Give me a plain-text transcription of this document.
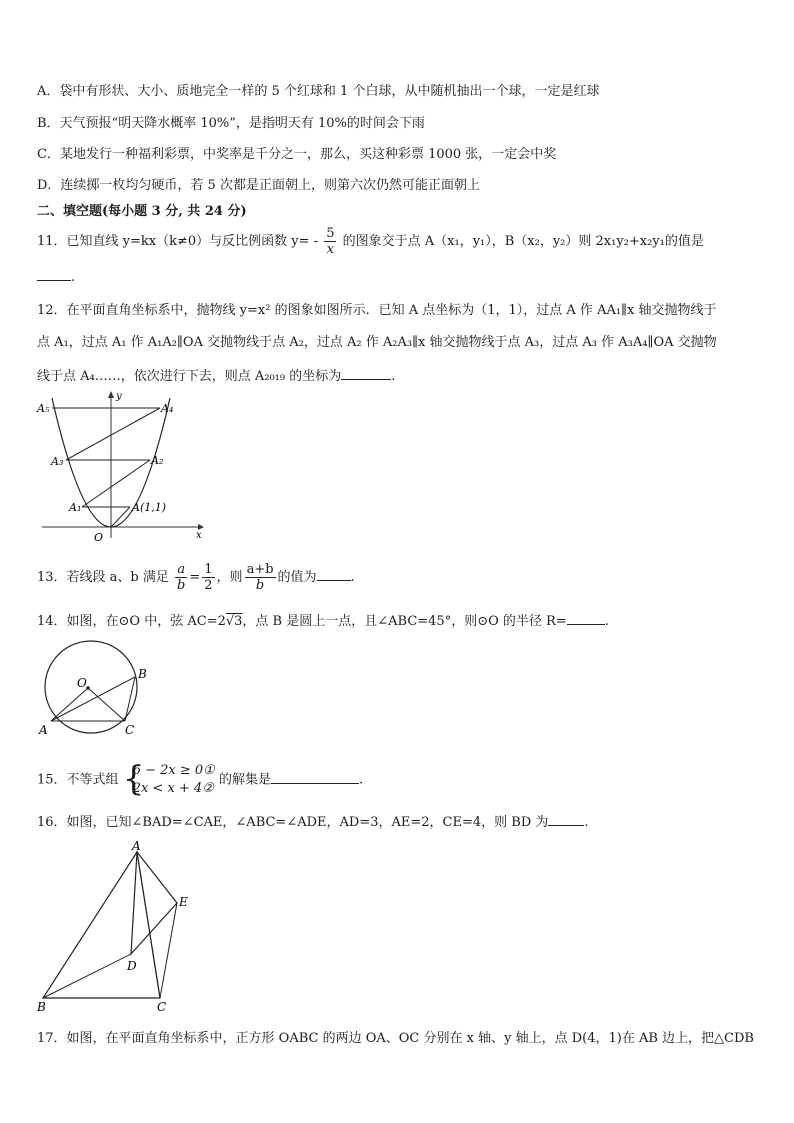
A．袋中有形状、大小、质地完全一样的 5 个红球和 1 个白球，从中随机抽出一个球，一定是红球
B．天气预报“明天降水概率 10%”，是指明天有 10%的时间会下雨
C．某地发行一种福利彩票，中奖率是千分之一，那么，买这种彩票 1000 张，一定会中奖
D．连续掷一枚均匀硬币，若 5 次都是正面朝上，则第六次仍然可能正面朝上
二、填空题(每小题 3 分, 共 24 分)
11．已知直线 y=kx（k≠0）与反比例函数 $y= - \frac{5}{x}$ 的图象交于点 A（x₁，y₁），B（x₂，y₂）则 2x₁y₂+x₂y₁的值是
.
12．在平面直角坐标系中，抛物线 y=x² 的图象如图所示．已知 A 点坐标为（1，1），过点 A 作 AA₁∥x 轴交抛物线于
点 A₁，过点 A₁ 作 A₁A₂∥OA 交抛物线于点 A₂，过点 A₂ 作 A₂A₃∥x 轴交抛物线于点 A₃，过点 A₃ 作 A₃A₄∥OA 交抛物
线于点 A₄……，依次进行下去，则点 A₂₀₁₉ 的坐标为	.
A₅	A₄
A₃	A₂
A₁	A(1,1)
O	x
y
13．若线段 a、b 满足 $\frac{a}{b} = \frac{1}{2}$ ，则 $\frac{a+b}{b}$ 的值为	.
14．如图，在⊙O 中，弦 AC=2√3，点 B 是圆上一点，且∠ABC=45°，则⊙O 的半径 R=	.
O
A
B
C
15．不等式组 {
6 − 2x ≥ 0①
2x < x + 4②
的解集是	.
16．如图，已知∠BAD=∠CAE，∠ABC=∠ADE，AD=3，AE=2，CE=4，则 BD 为	.
A
B	C
D
E
17．如图，在平面直角坐标系中，正方形 OABC 的两边 OA、OC 分别在 x 轴、y 轴上，点 D(4，1)在 AB 边上，把△CDB
